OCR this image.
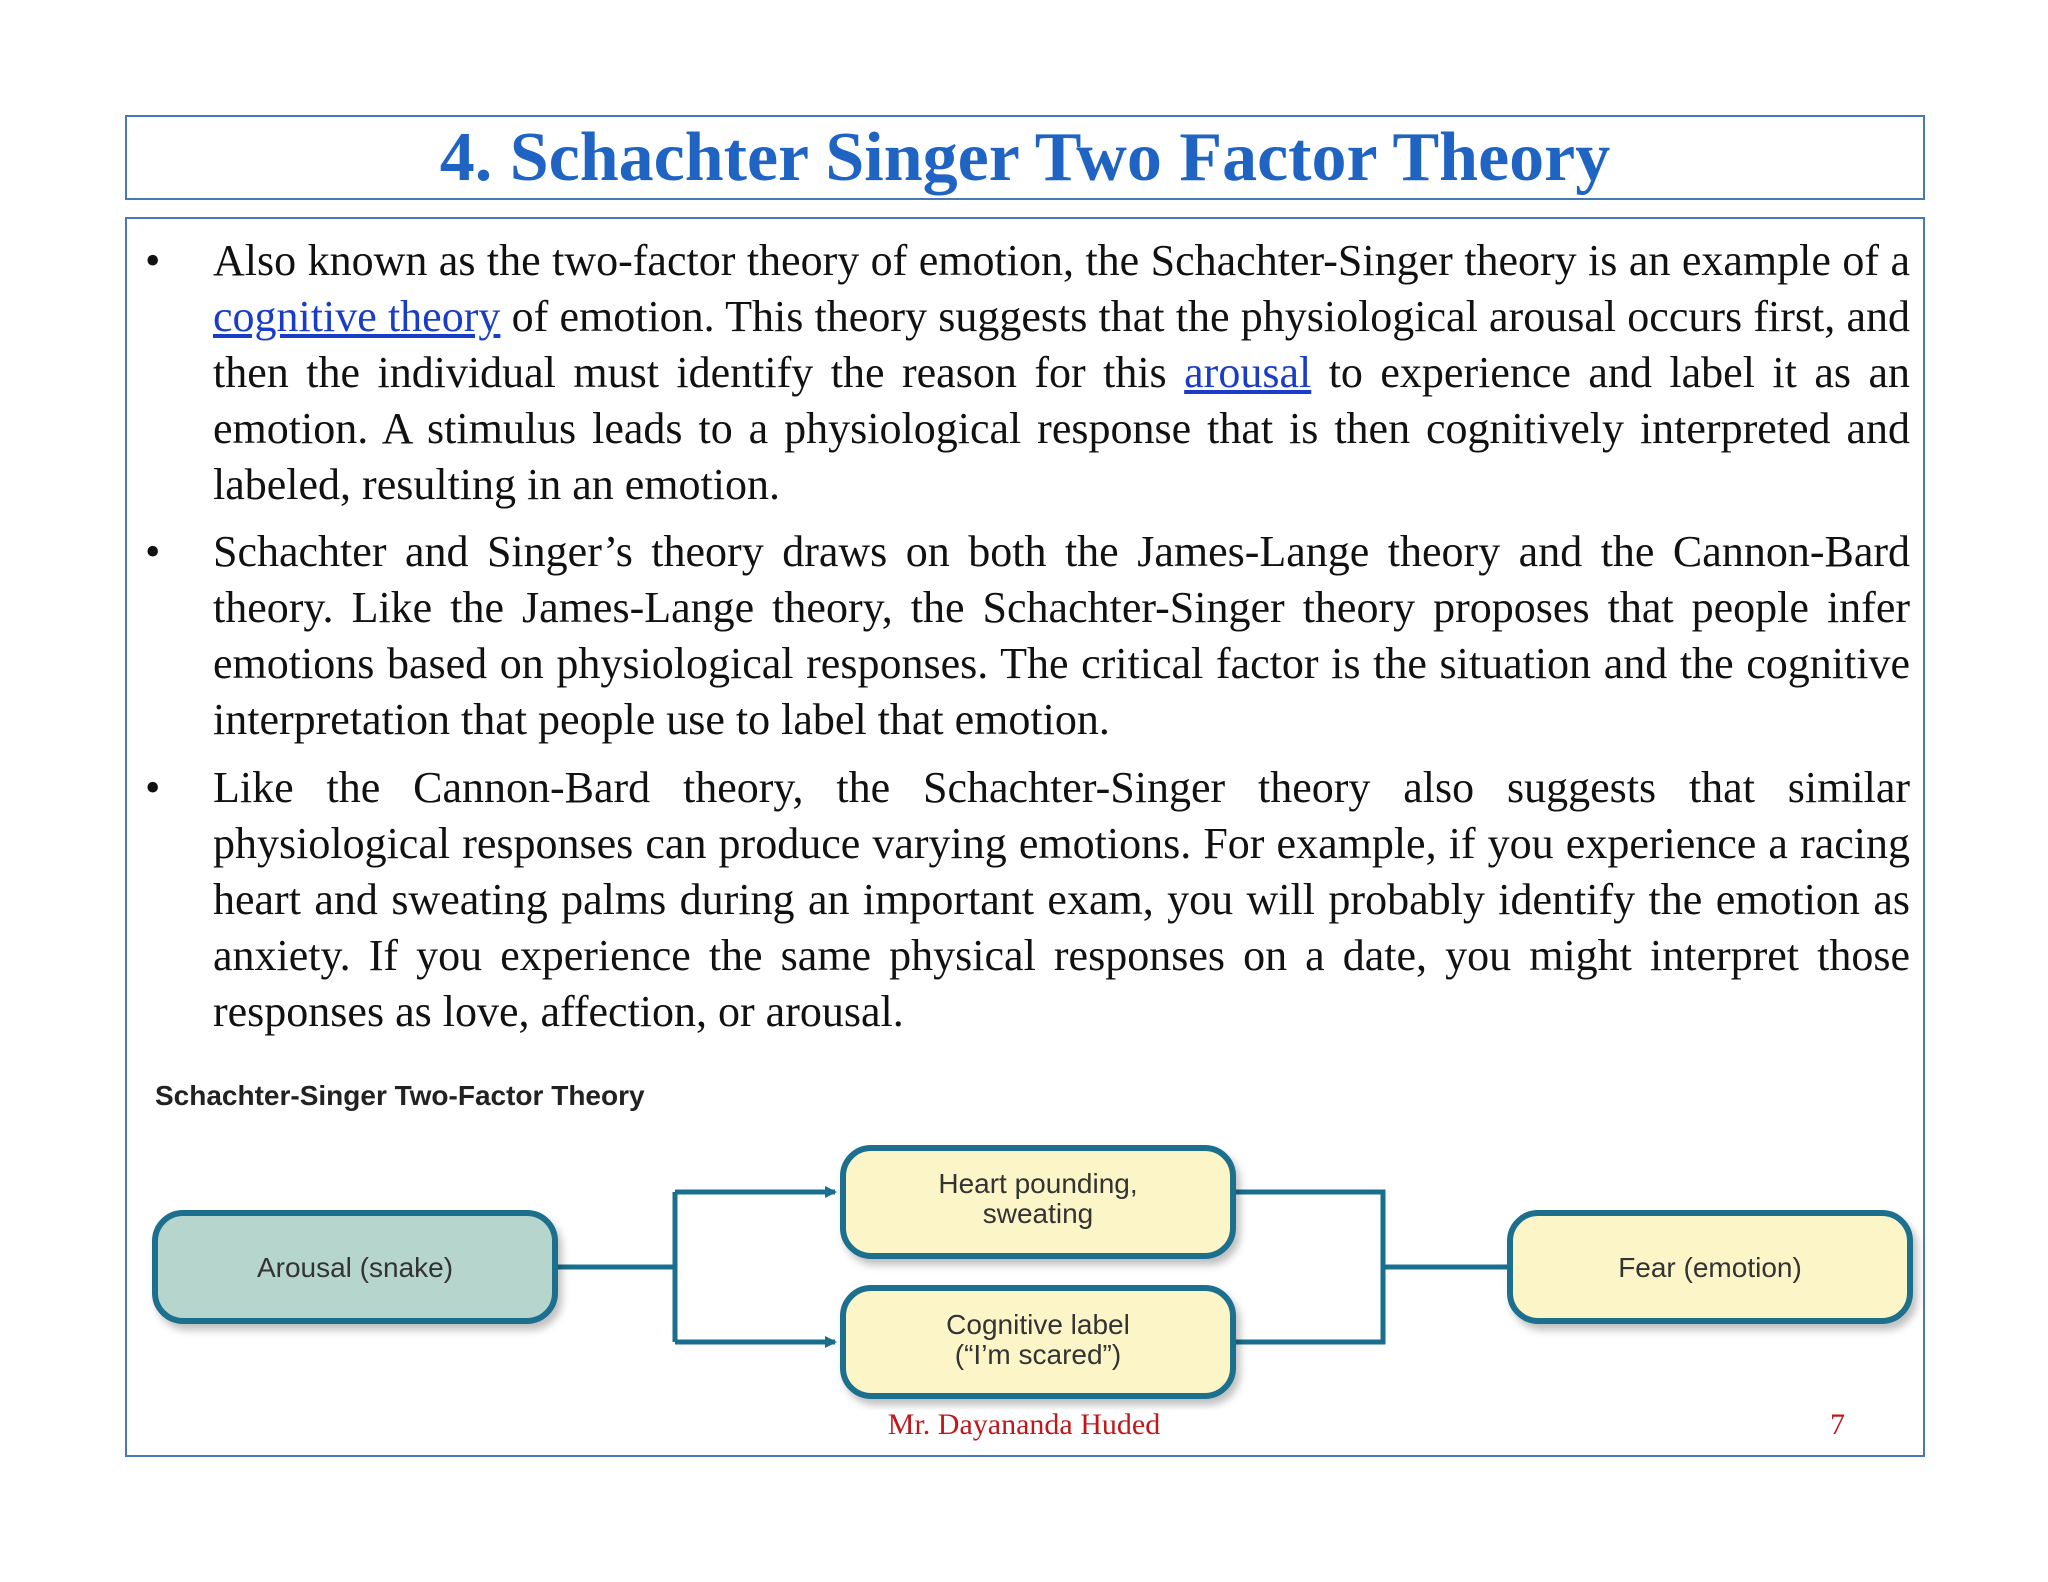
4. Schachter Singer Two Factor Theory
•	Also known as the two-factor theory of emotion, the Schachter-Singer theory is an example of a cognitive theory of emotion. This theory suggests that the physiological arousal occurs first, and then the individual must identify the reason for this arousal to experience and label it as an emotion. A stimulus leads to a physiological response that is then cognitively interpreted and labeled, resulting in an emotion.
•	Schachter and Singer’s theory draws on both the James-Lange theory and the Cannon-Bard theory. Like the James-Lange theory, the Schachter-Singer theory proposes that people infer emotions based on physiological responses. The critical factor is the situation and the cognitive interpretation that people use to label that emotion.
•	Like the Cannon-Bard theory, the Schachter-Singer theory also suggests that similar physiological responses can produce varying emotions. For example, if you experience a racing heart and sweating palms during an important exam, you will probably identify the emotion as anxiety. If you experience the same physical responses on a date, you might interpret those responses as love, affection, or arousal.
Schachter-Singer Two-Factor Theory
Arousal (snake)
Heart pounding,
sweating
Cognitive label
(“I’m scared”)
Fear (emotion)
Mr. Dayananda Huded	7
